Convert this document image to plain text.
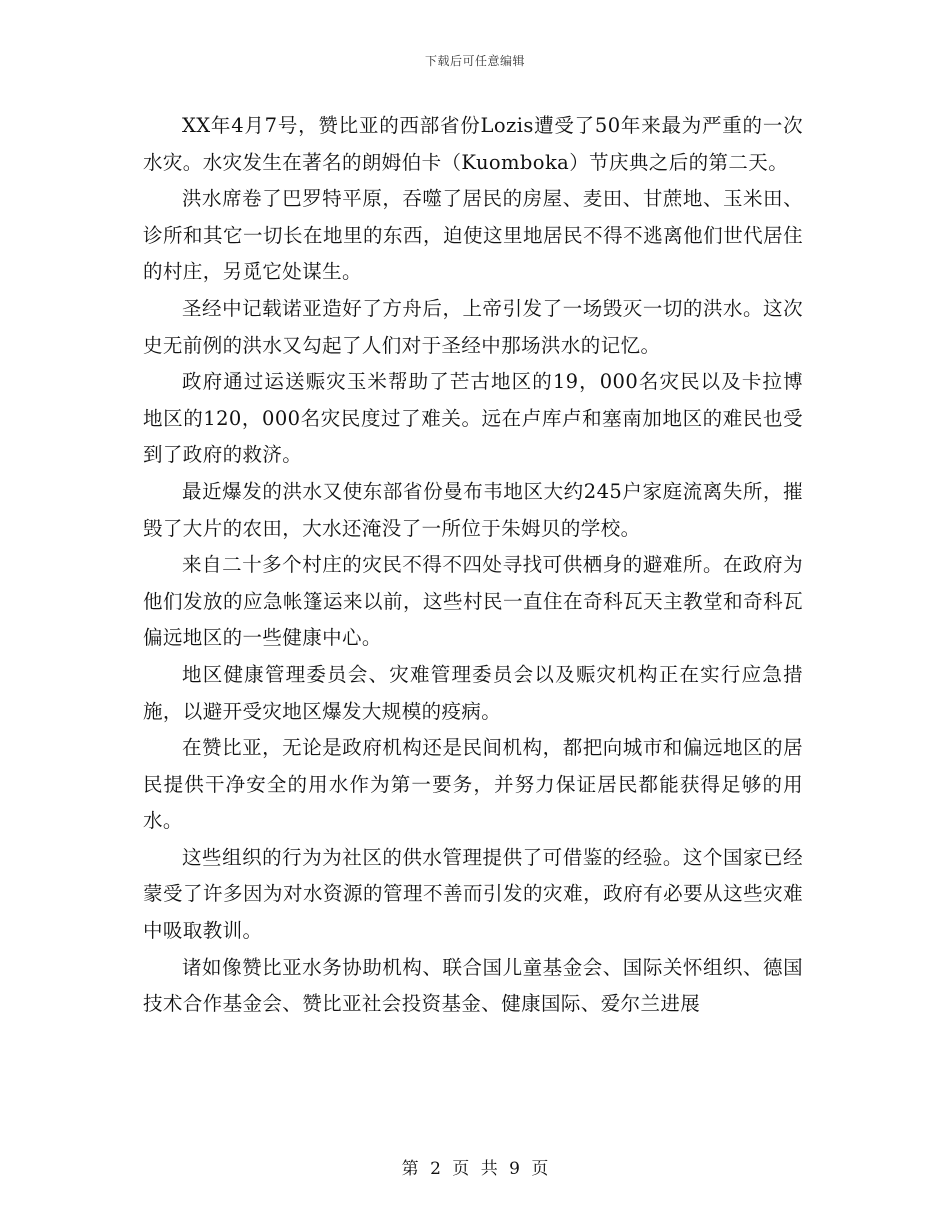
下载后可任意编辑

XX年4月7号，赞比亚的西部省份Lozis遭受了50年来最为严重的一次水灾。水灾发生在著名的朗姆伯卡（Kuomboka）节庆典之后的第二天。

洪水席卷了巴罗特平原，吞噬了居民的房屋、麦田、甘蔗地、玉米田、诊所和其它一切长在地里的东西，迫使这里地居民不得不逃离他们世代居住的村庄，另觅它处谋生。

圣经中记载诺亚造好了方舟后，上帝引发了一场毁灭一切的洪水。这次史无前例的洪水又勾起了人们对于圣经中那场洪水的记忆。

政府通过运送赈灾玉米帮助了芒古地区的19，000名灾民以及卡拉博地区的120，000名灾民度过了难关。远在卢库卢和塞南加地区的难民也受到了政府的救济。

最近爆发的洪水又使东部省份曼布韦地区大约245户家庭流离失所，摧毁了大片的农田，大水还淹没了一所位于朱姆贝的学校。

来自二十多个村庄的灾民不得不四处寻找可供栖身的避难所。在政府为他们发放的应急帐篷运来以前，这些村民一直住在奇科瓦天主教堂和奇科瓦偏远地区的一些健康中心。

地区健康管理委员会、灾难管理委员会以及赈灾机构正在实行应急措施，以避开受灾地区爆发大规模的疫病。

在赞比亚，无论是政府机构还是民间机构，都把向城市和偏远地区的居民提供干净安全的用水作为第一要务，并努力保证居民都能获得足够的用水。

这些组织的行为为社区的供水管理提供了可借鉴的经验。这个国家已经蒙受了许多因为对水资源的管理不善而引发的灾难，政府有必要从这些灾难中吸取教训。

诸如像赞比亚水务协助机构、联合国儿童基金会、国际关怀组织、德国技术合作基金会、赞比亚社会投资基金、健康国际、爱尔兰进展

第 2 页 共 9 页
